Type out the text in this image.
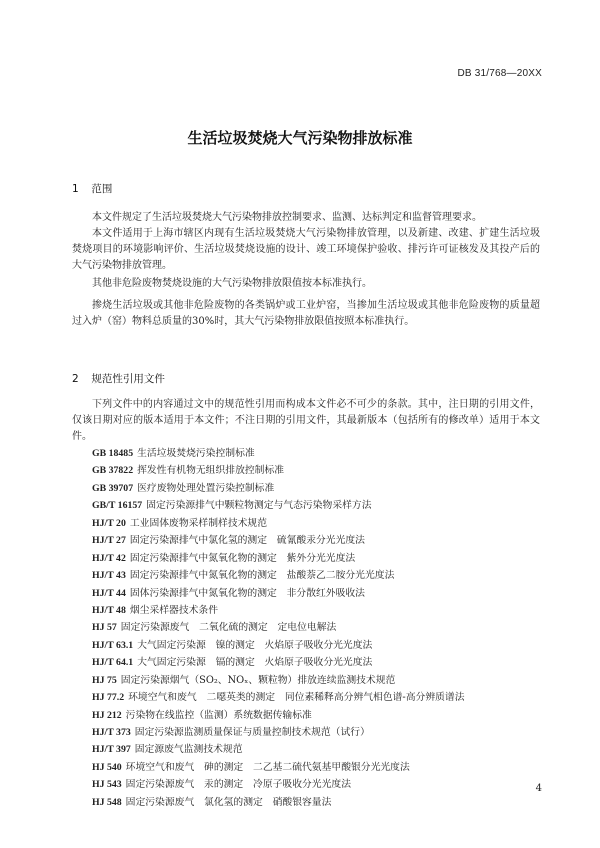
DB 31/768—20XX
生活垃圾焚烧大气污染物排放标准
1 范围

本文件规定了生活垃圾焚烧大气污染物排放控制要求、监测、达标判定和监督管理要求。

本文件适用于上海市辖区内现有生活垃圾焚烧大气污染物排放管理，以及新建、改建、扩建生活垃圾焚烧项目的环境影响评价、生活垃圾焚烧设施的设计、竣工环境保护验收、排污许可证核发及其投产后的大气污染物排放管理。

其他非危险废物焚烧设施的大气污染物排放限值按本标准执行。

掺烧生活垃圾或其他非危险废物的各类锅炉或工业炉窑，当掺加生活垃圾或其他非危险废物的质量超过入炉（窑）物料总质量的30%时，其大气污染物排放限值按照本标准执行。

2 规范性引用文件

下列文件中的内容通过文中的规范性引用而构成本文件必不可少的条款。其中，注日期的引用文件，仅该日期对应的版本适用于本文件；不注日期的引用文件，其最新版本（包括所有的修改单）适用于本文件。

GB 18485 生活垃圾焚烧污染控制标准
GB 37822 挥发性有机物无组织排放控制标准
GB 39707 医疗废物处理处置污染控制标准
GB/T 16157 固定污染源排气中颗粒物测定与气态污染物采样方法
HJ/T 20 工业固体废物采样制样技术规范
HJ/T 27 固定污染源排气中氯化氢的测定　硫氰酸汞分光光度法
HJ/T 42 固定污染源排气中氮氧化物的测定　紫外分光光度法
HJ/T 43 固定污染源排气中氮氧化物的测定　盐酸萘乙二胺分光光度法
HJ/T 44 固体污染源排气中氮氧化物的测定　非分散红外吸收法
HJ/T 48 烟尘采样器技术条件
HJ 57 固定污染源废气　二氧化硫的测定　定电位电解法
HJ/T 63.1 大气固定污染源　镍的测定　火焰原子吸收分光光度法
HJ/T 64.1 大气固定污染源　镉的测定　火焰原子吸收分光光度法
HJ 75 固定污染源烟气（SO₂、NOₓ、颗粒物）排放连续监测技术规范
HJ 77.2 环境空气和废气　二噁英类的测定　同位素稀释高分辨气相色谱-高分辨质谱法
HJ 212 污染物在线监控（监测）系统数据传输标准
HJ/T 373 固定污染源监测质量保证与质量控制技术规范（试行）
HJ/T 397 固定源废气监测技术规范
HJ 540 环境空气和废气　砷的测定　二乙基二硫代氨基甲酸银分光光度法
HJ 543 固定污染源废气　汞的测定　冷原子吸收分光光度法
HJ 548 固定污染源废气　氯化氢的测定　硝酸银容量法
4
